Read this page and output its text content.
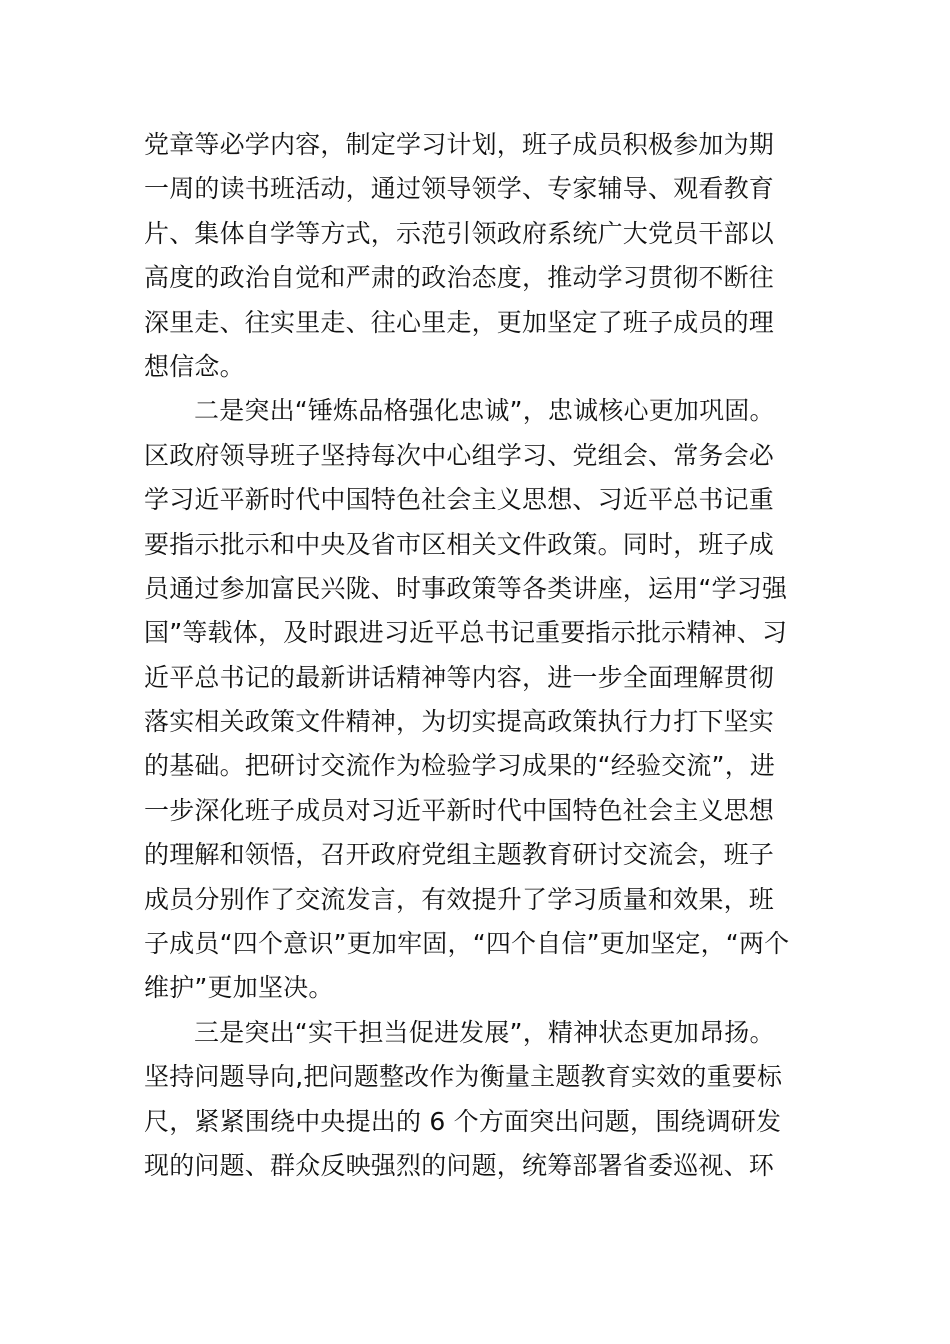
党章等必学内容，制定学习计划，班子成员积极参加为期
一周的读书班活动，通过领导领学、专家辅导、观看教育
片、集体自学等方式，示范引领政府系统广大党员干部以
高度的政治自觉和严肃的政治态度，推动学习贯彻不断往
深里走、往实里走、往心里走，更加坚定了班子成员的理
想信念。
二是突出“锤炼品格强化忠诚”，忠诚核心更加巩固。
区政府领导班子坚持每次中心组学习、党组会、常务会必
学习近平新时代中国特色社会主义思想、习近平总书记重
要指示批示和中央及省市区相关文件政策。同时，班子成
员通过参加富民兴陇、时事政策等各类讲座，运用“学习强
国”等载体，及时跟进习近平总书记重要指示批示精神、习
近平总书记的最新讲话精神等内容，进一步全面理解贯彻
落实相关政策文件精神，为切实提高政策执行力打下坚实
的基础。把研讨交流作为检验学习成果的“经验交流”，进
一步深化班子成员对习近平新时代中国特色社会主义思想
的理解和领悟，召开政府党组主题教育研讨交流会，班子
成员分别作了交流发言，有效提升了学习质量和效果，班
子成员“四个意识”更加牢固，“四个自信”更加坚定，“两个
维护”更加坚决。
三是突出“实干担当促进发展”，精神状态更加昂扬。
坚持问题导向,把问题整改作为衡量主题教育实效的重要标
尺，紧紧围绕中央提出的 6 个方面突出问题，围绕调研发
现的问题、群众反映强烈的问题，统筹部署省委巡视、环
